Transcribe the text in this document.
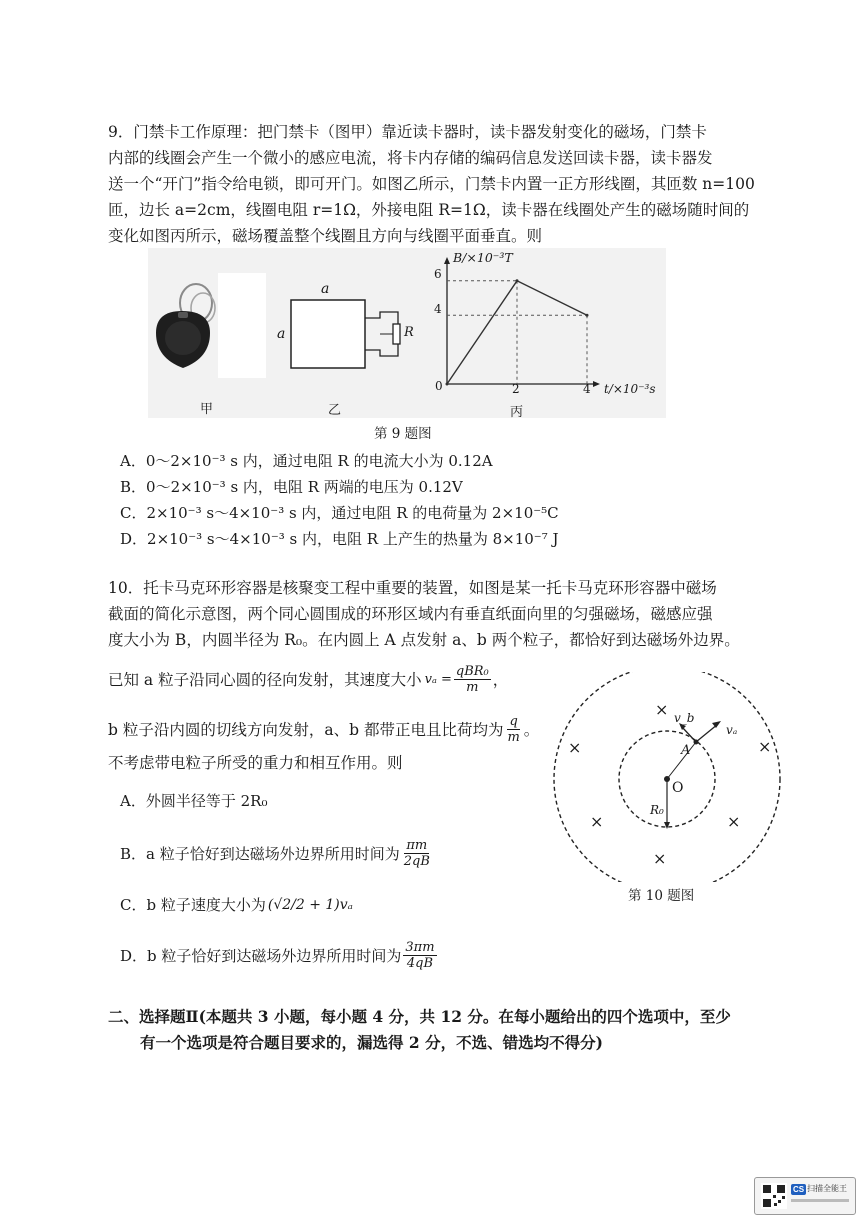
9．门禁卡工作原理：把门禁卡（图甲）靠近读卡器时，读卡器发射变化的磁场，门禁卡
内部的线圈会产生一个微小的感应电流，将卡内存储的编码信息发送回读卡器，读卡器发
送一个“开门”指令给电锁，即可开门。如图乙所示，门禁卡内置一正方形线圈，其匝数 n=100
匝，边长 a=2cm，线圈电阻 r=1Ω，外接电阻 R=1Ω，读卡器在线圈处产生的磁场随时间的
变化如图丙所示，磁场覆盖整个线圈且方向与线圈平面垂直。则
a
a	R
B/×10⁻³T
6
4
0	2	4 t/×10⁻³s
甲	乙	丙
第 9 题图
A．0～2×10⁻³ s 内，通过电阻 R 的电流大小为 0.12A
B．0～2×10⁻³ s 内，电阻 R 两端的电压为 0.12V
C．2×10⁻³ s～4×10⁻³ s 内，通过电阻 R 的电荷量为 2×10⁻⁵C
D．2×10⁻³ s～4×10⁻³ s 内，电阻 R 上产生的热量为 8×10⁻⁷ J
10．托卡马克环形容器是核聚变工程中重要的装置，如图是某一托卡马克环形容器中磁场
截面的简化示意图，两个同心圆围成的环形区域内有垂直纸面向里的匀强磁场，磁感应强
度大小为 B，内圆半径为 R₀。在内圆上 A 点发射 a、b 两个粒子，都恰好到达磁场外边界。
已知 a 粒子沿同心圆的径向发射，其速度大小 $v_a = \frac{\text{qBR₀}}{m}$ ，
b 粒子沿内圆的切线方向发射，a、b 都带正电且比荷均为 $\frac{q}{m}$ 。
不考虑带电粒子所受的重力和相互作用。则
A．外圆半径等于 2R₀
B．a 粒子恰好到达磁场外边界所用时间为 $\frac{\pi m}{2qB}$
C．b 粒子速度大小为 (√2/2 + 1)vₐ
D．b 粒子恰好到达磁场外边界所用时间为 $\frac{3\pi m}{4qB}$
×
×	×
×	×
×
O
A
R₀
v_b
vₐ
第 10 题图
二、选择题Ⅱ(本题共 3 小题，每小题 4 分，共 12 分。在每小题给出的四个选项中，至少
有一个选项是符合题目要求的，漏选得 2 分，不选、错选均不得分)
CS 扫描全能王
